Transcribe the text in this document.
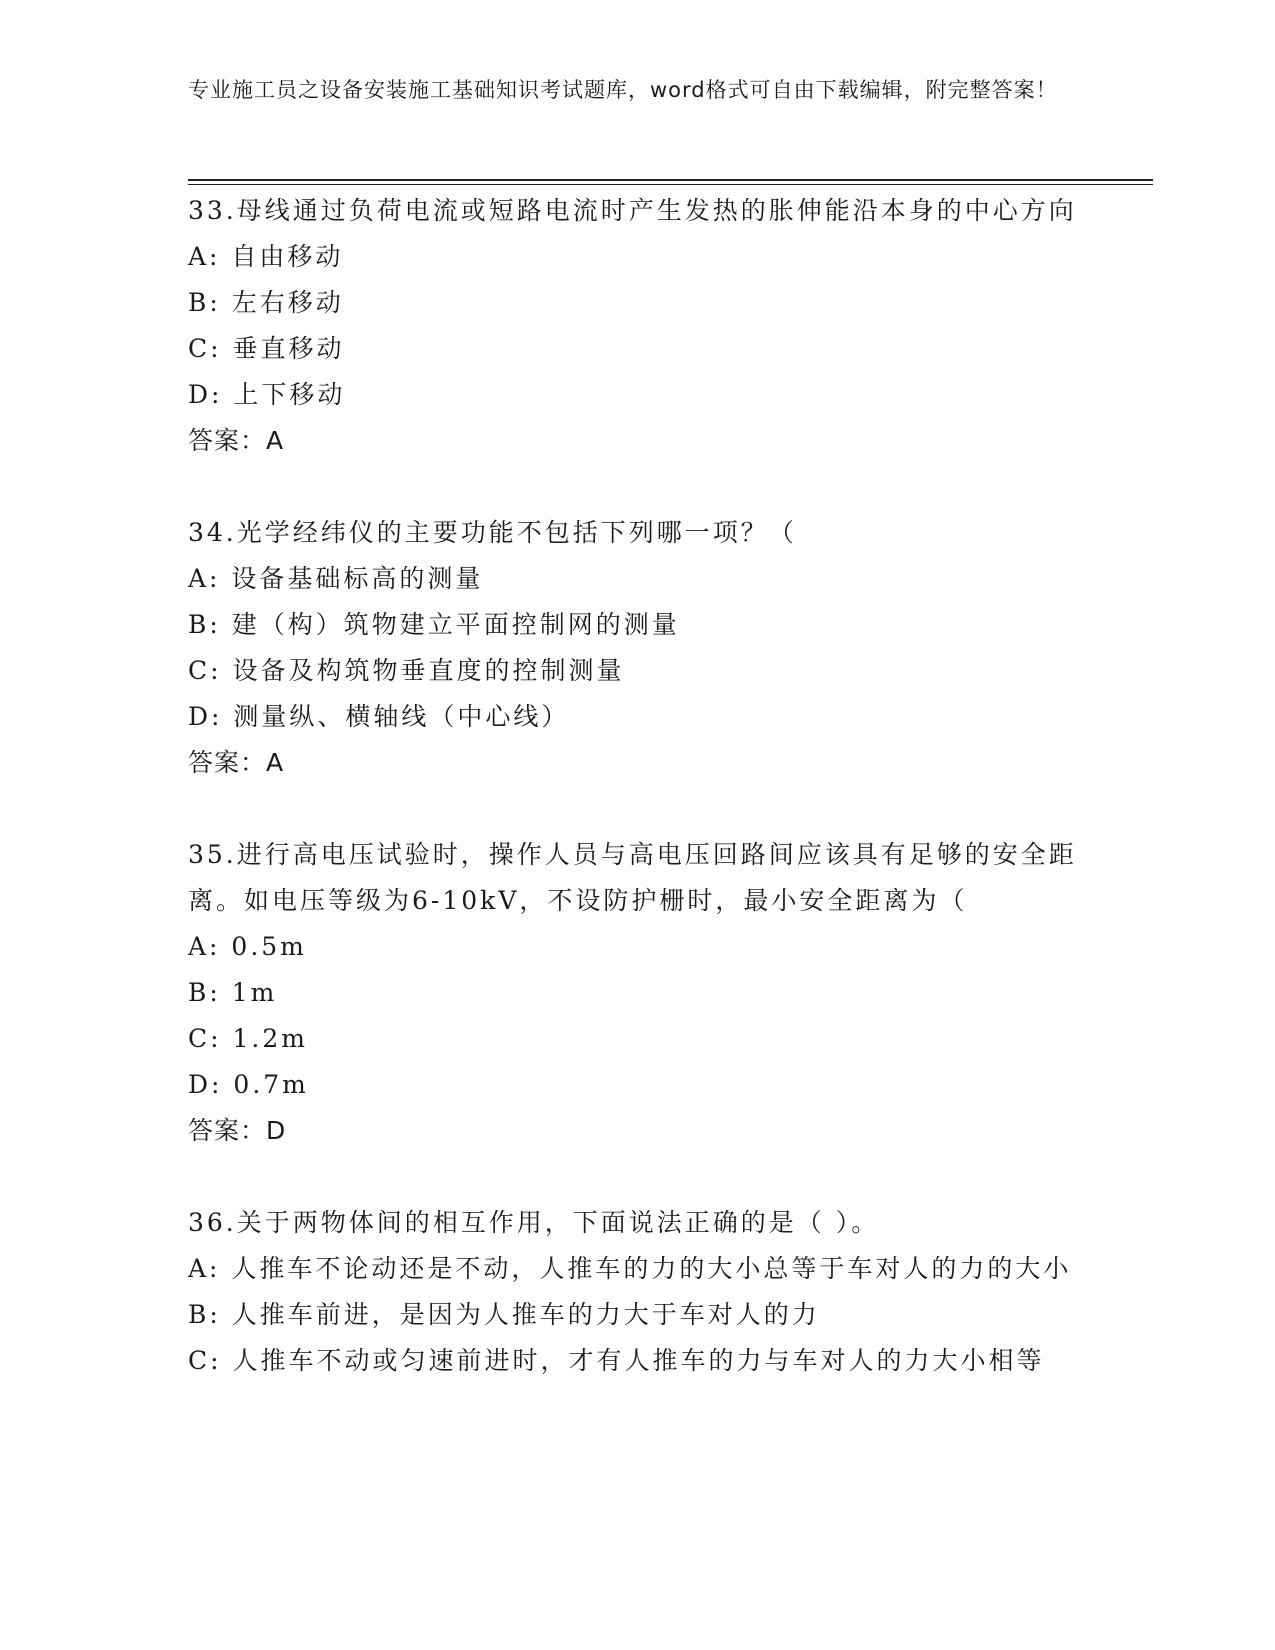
专业施工员之设备安装施工基础知识考试题库，word格式可自由下载编辑，附完整答案！
33.母线通过负荷电流或短路电流时产生发热的胀伸能沿本身的中心方向
A: 自由移动
B: 左右移动
C: 垂直移动
D: 上下移动
答案：A
34.光学经纬仪的主要功能不包括下列哪一项？（
A: 设备基础标高的测量
B: 建（构）筑物建立平面控制网的测量
C: 设备及构筑物垂直度的控制测量
D: 测量纵、横轴线（中心线）
答案：A
35.进行高电压试验时，操作人员与高电压回路间应该具有足够的安全距离。如电压等级为6-10kV，不设防护栅时，最小安全距离为（
A: 0.5m
B: 1m
C: 1.2m
D: 0.7m
答案：D
36.关于两物体间的相互作用，下面说法正确的是（ ）。
A: 人推车不论动还是不动，人推车的力的大小总等于车对人的力的大小
B: 人推车前进，是因为人推车的力大于车对人的力
C: 人推车不动或匀速前进时，才有人推车的力与车对人的力大小相等
